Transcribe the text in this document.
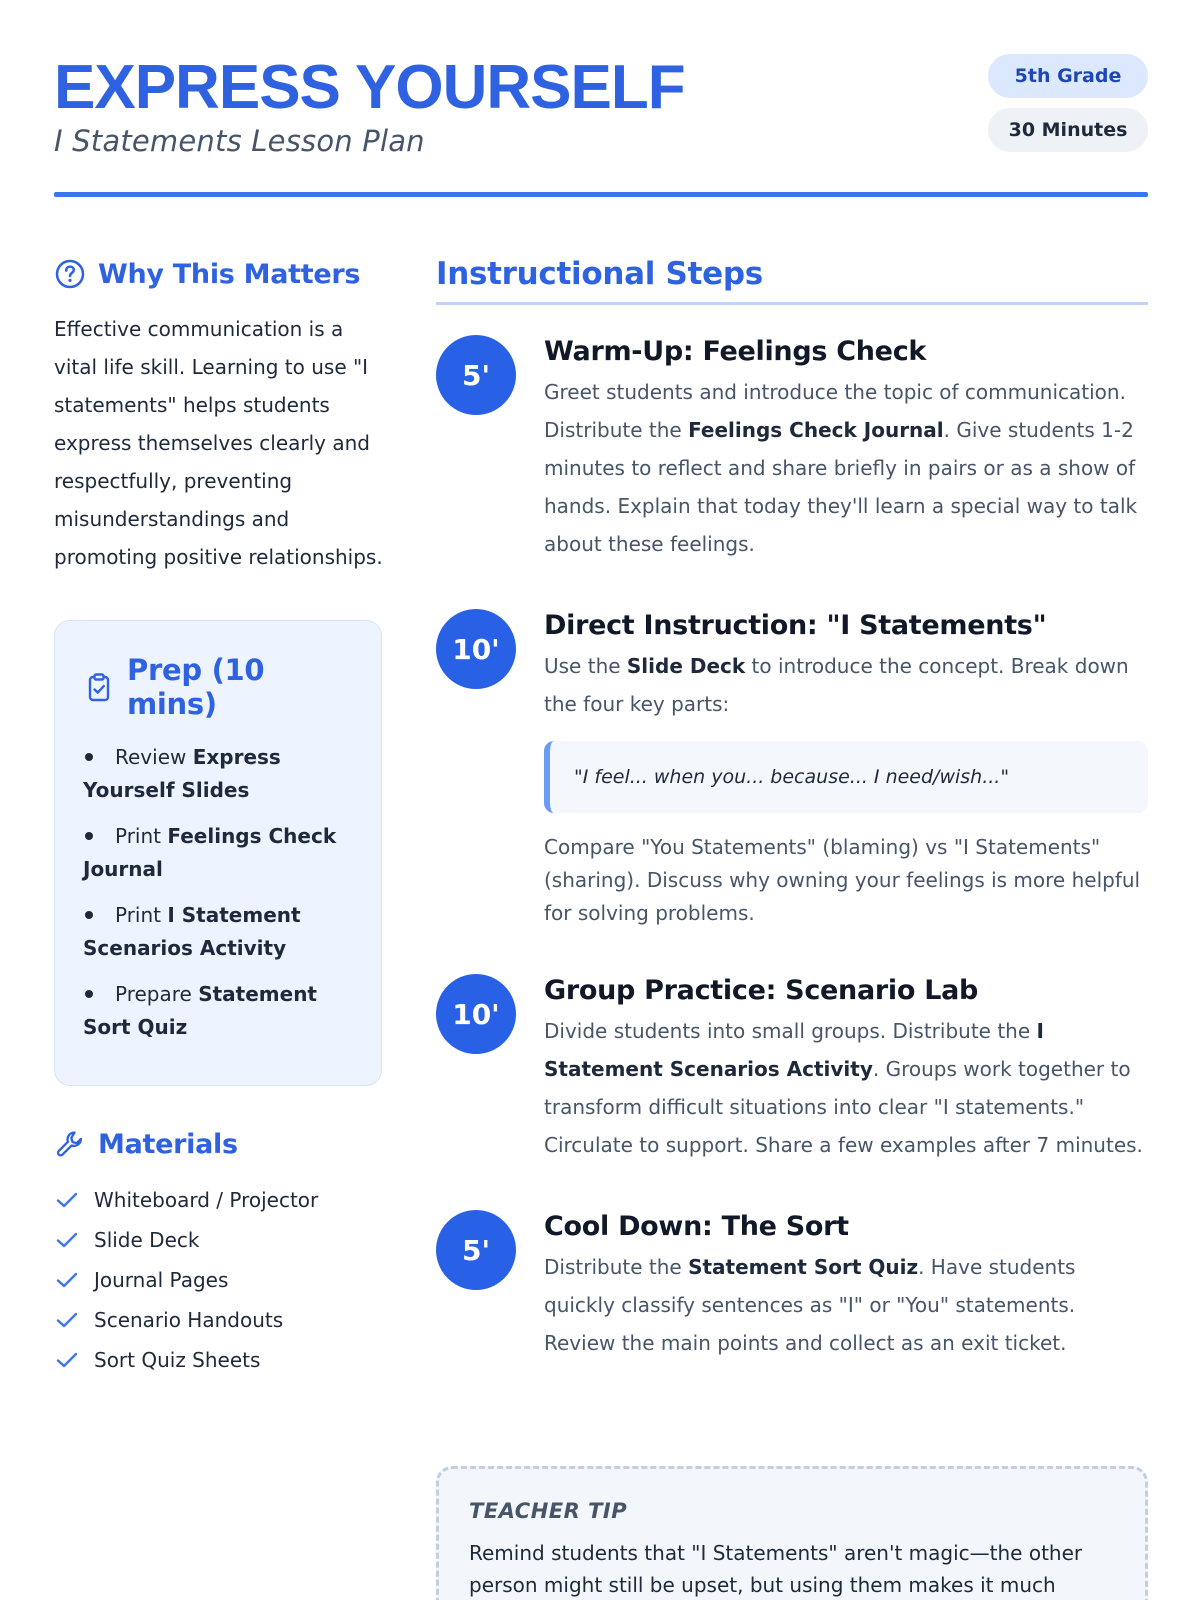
EXPRESS YOURSELF
I Statements Lesson Plan
5th Grade
30 Minutes
Why This Matters

Effective communication is a vital life skill. Learning to use "I statements" helps students express themselves clearly and respectfully, preventing misunderstandings and promoting positive relationships.

Prep (10 mins)
Review Express Yourself Slides
Print Feelings Check Journal
Print I Statement Scenarios Activity
Prepare Statement Sort Quiz
Materials
Whiteboard / Projector
Slide Deck
Journal Pages
Scenario Handouts
Sort Quiz Sheets
Instructional Steps
5'
Warm-Up: Feelings Check

Greet students and introduce the topic of communication. Distribute the Feelings Check Journal. Give students 1-2 minutes to reflect and share briefly in pairs or as a show of hands. Explain that today they'll learn a special way to talk about these feelings.

10'
Direct Instruction: "I Statements"

Use the Slide Deck to introduce the concept. Break down the four key parts:

"I feel... when you... because... I need/wish..."

Compare "You Statements" (blaming) vs "I Statements" (sharing). Discuss why owning your feelings is more helpful for solving problems.

10'
Group Practice: Scenario Lab

Divide students into small groups. Distribute the I Statement Scenarios Activity. Groups work together to transform difficult situations into clear "I statements." Circulate to support. Share a few examples after 7 minutes.

5'
Cool Down: The Sort

Distribute the Statement Sort Quiz. Have students quickly classify sentences as "I" or "You" statements. Review the main points and collect as an exit ticket.

TEACHER TIP

Remind students that "I Statements" aren't magic—the other person might still be upset, but using them makes it much
